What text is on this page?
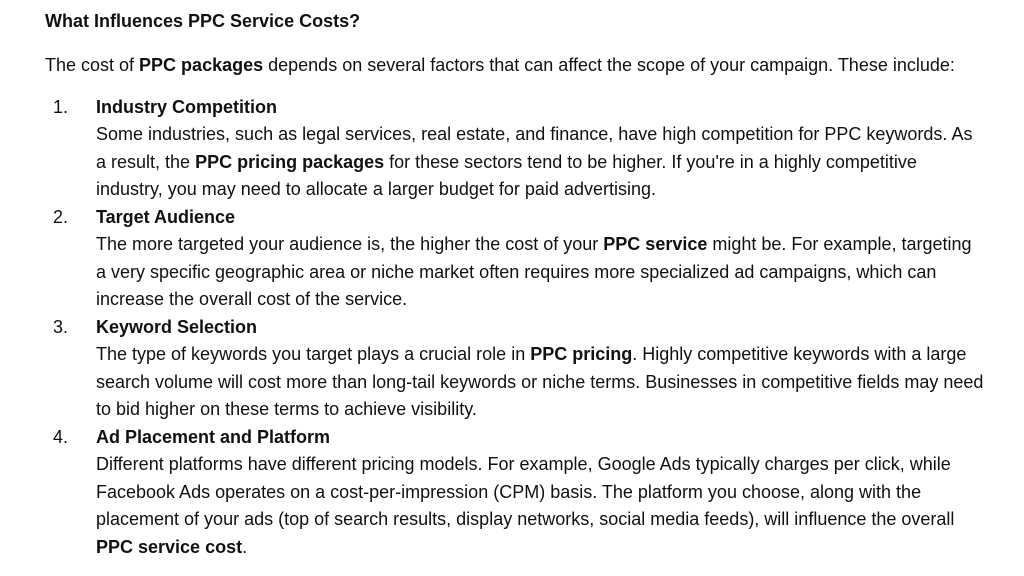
What Influences PPC Service Costs?

The cost of PPC packages depends on several factors that can affect the scope of your campaign. These include:

1. Industry Competition
Some industries, such as legal services, real estate, and finance, have high competition for PPC keywords. As a result, the PPC pricing packages for these sectors tend to be higher. If you're in a highly competitive industry, you may need to allocate a larger budget for paid advertising.
2. Target Audience
The more targeted your audience is, the higher the cost of your PPC service might be. For example, targeting a very specific geographic area or niche market often requires more specialized ad campaigns, which can increase the overall cost of the service.
3. Keyword Selection
The type of keywords you target plays a crucial role in PPC pricing. Highly competitive keywords with a large search volume will cost more than long-tail keywords or niche terms. Businesses in competitive fields may need to bid higher on these terms to achieve visibility.
4. Ad Placement and Platform
Different platforms have different pricing models. For example, Google Ads typically charges per click, while Facebook Ads operates on a cost-per-impression (CPM) basis. The platform you choose, along with the placement of your ads (top of search results, display networks, social media feeds), will influence the overall PPC service cost.
